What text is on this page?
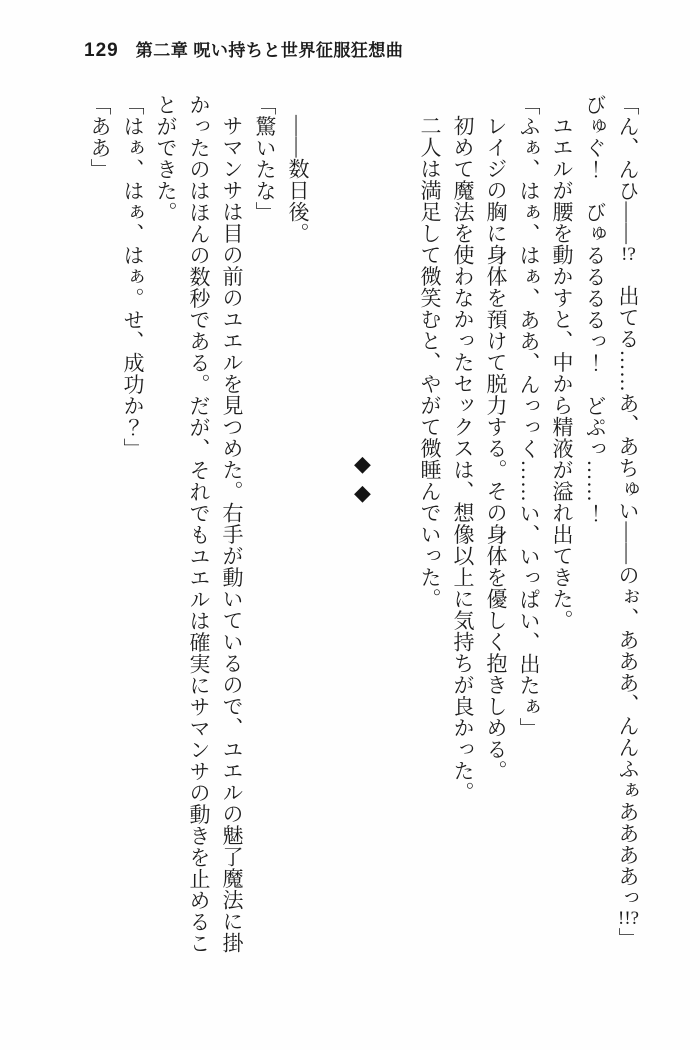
129 第二章 呪い持ちと世界征服狂想曲

「ん、んひ――!?　出てる……あ、あちゅい――のぉ、あああ、んんふぁああああっ!!?」

びゅぐ！　びゅるるるるっ！　どぷっ……！

ユエルが腰を動かすと、中から精液が溢れ出てきた。

「ふぁ、はぁ、はぁ、ああ、んっっく……い、いっぱい、出たぁ」

レイジの胸に身体を預けて脱力する。その身体を優しく抱きしめる。

初めて魔法を使わなかったセックスは、想像以上に気持ちが良かった。

二人は満足して微笑むと、やがて微睡んでいった。

◆◆

――数日後。

「驚いたな」

サマンサは目の前のユエルを見つめた。右手が動いているので、ユエルの魅了魔法に掛かったのはほんの数秒である。だが、それでもユエルは確実にサマンサの動きを止めることができた。

「はぁ、はぁ、はぁ。せ、成功か？」

「ああ」
